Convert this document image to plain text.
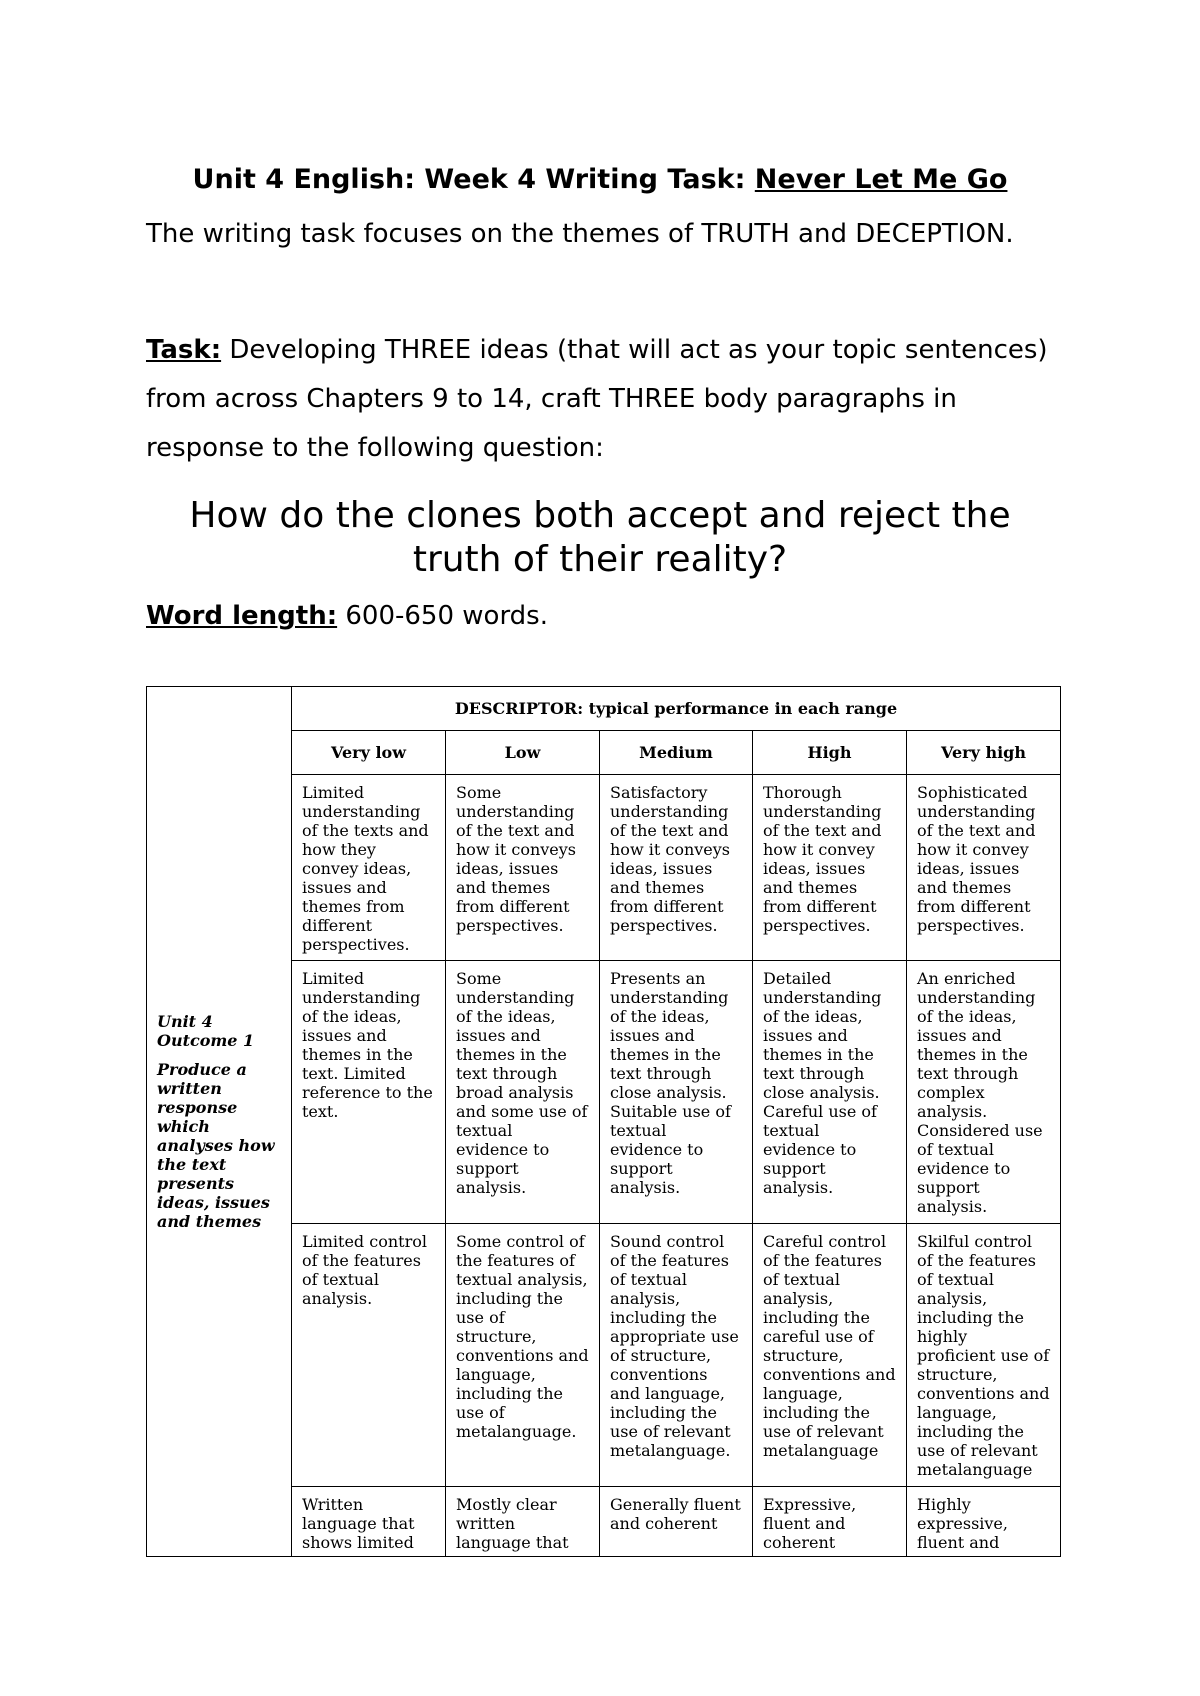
Unit 4 English: Week 4 Writing Task: Never Let Me Go
The writing task focuses on the themes of TRUTH and DECEPTION.
Task: Developing THREE ideas (that will act as your topic sentences) from across Chapters 9 to 14, craft THREE body paragraphs in response to the following question:
How do the clones both accept and reject the truth of their reality?
Word length: 600-650 words.
Unit 4 Outcome 1
Produce a written response which analyses how the text presents ideas, issues and themes	DESCRIPTOR: typical performance in each range				
	Very low	Low	Medium	High	Very high
	Limited understanding of the texts and how they convey ideas, issues and themes from different perspectives.	Some understanding of the text and how it conveys ideas, issues and themes from different perspectives.	Satisfactory understanding of the text and how it conveys ideas, issues and themes from different perspectives.	Thorough understanding of the text and how it convey ideas, issues and themes from different perspectives.	Sophisticated understanding of the text and how it convey ideas, issues and themes from different perspectives.
	Limited understanding of the ideas, issues and themes in the text. Limited reference to the text.	Some understanding of the ideas, issues and themes in the text through broad analysis and some use of textual evidence to support analysis.	Presents an understanding of the ideas, issues and themes in the text through close analysis. Suitable use of textual evidence to support analysis.	Detailed understanding of the ideas, issues and themes in the text through close analysis. Careful use of textual evidence to support analysis.	An enriched understanding of the ideas, issues and themes in the text through complex analysis. Considered use of textual evidence to support analysis.
	Limited control of the features of textual analysis.	Some control of the features of textual analysis, including the use of structure, conventions and language, including the use of metalanguage.	Sound control of the features of textual analysis, including the appropriate use of structure, conventions and language, including the use of relevant metalanguage.	Careful control of the features of textual analysis, including the careful use of structure, conventions and language, including the use of relevant metalanguage	Skilful control of the features of textual analysis, including the highly proficient use of structure, conventions and language, including the use of relevant metalanguage
	Written language that shows limited	Mostly clear written language that	Generally fluent and coherent	Expressive, fluent and coherent	Highly expressive, fluent and
